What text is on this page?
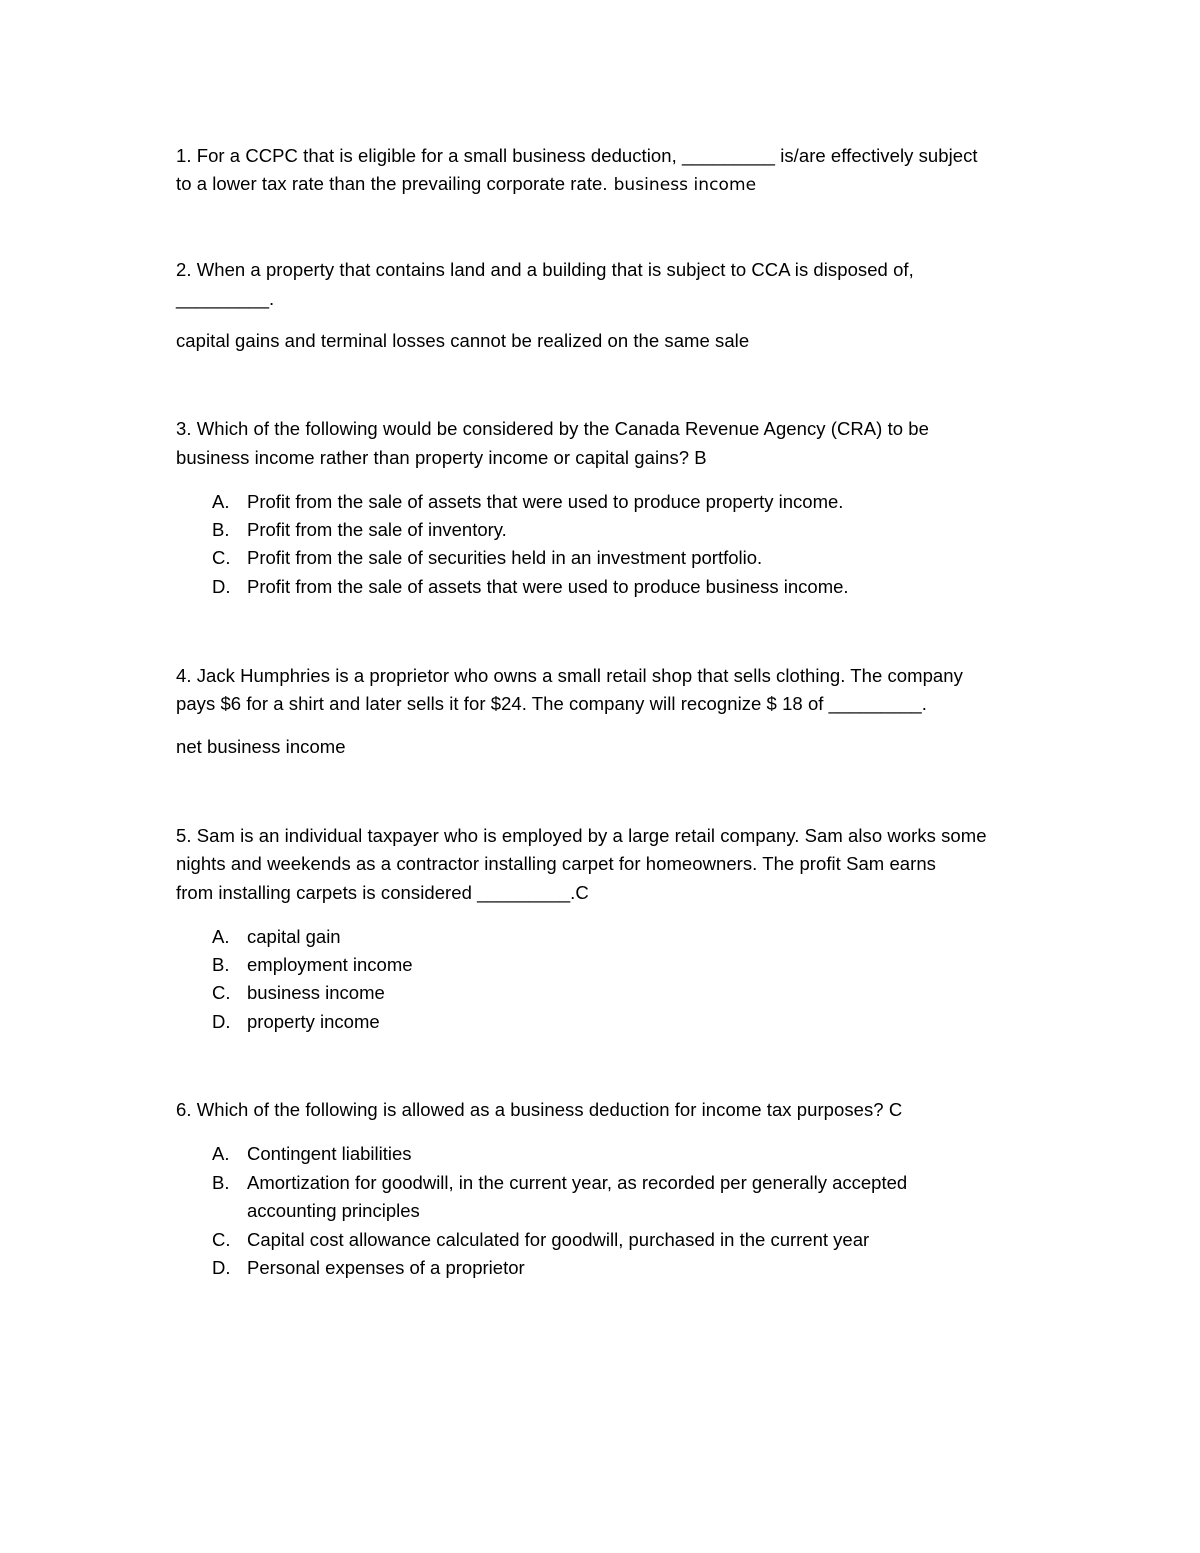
1. For a CCPC that is eligible for a small business deduction, _________ is/are effectively subject
to a lower tax rate than the prevailing corporate rate. business income
2. When a property that contains land and a building that is subject to CCA is disposed of,
_________.
capital gains and terminal losses cannot be realized on the same sale
3. Which of the following would be considered by the Canada Revenue Agency (CRA) to be
business income rather than property income or capital gains? B
A. Profit from the sale of assets that were used to produce property income.
B. Profit from the sale of inventory.
C. Profit from the sale of securities held in an investment portfolio.
D. Profit from the sale of assets that were used to produce business income.
4. Jack Humphries is a proprietor who owns a small retail shop that sells clothing. The company
pays $6 for a shirt and later sells it for $24. The company will recognize $ 18 of _________.
net business income
5. Sam is an individual taxpayer who is employed by a large retail company. Sam also works some
nights and weekends as a contractor installing carpet for homeowners. The profit Sam earns
from installing carpets is considered _________.C
A. capital gain
B. employment income
C. business income
D. property income
6. Which of the following is allowed as a business deduction for income tax purposes? C
A. Contingent liabilities
B. Amortization for goodwill, in the current year, as recorded per generally accepted
accounting principles
C. Capital cost allowance calculated for goodwill, purchased in the current year
D. Personal expenses of a proprietor
